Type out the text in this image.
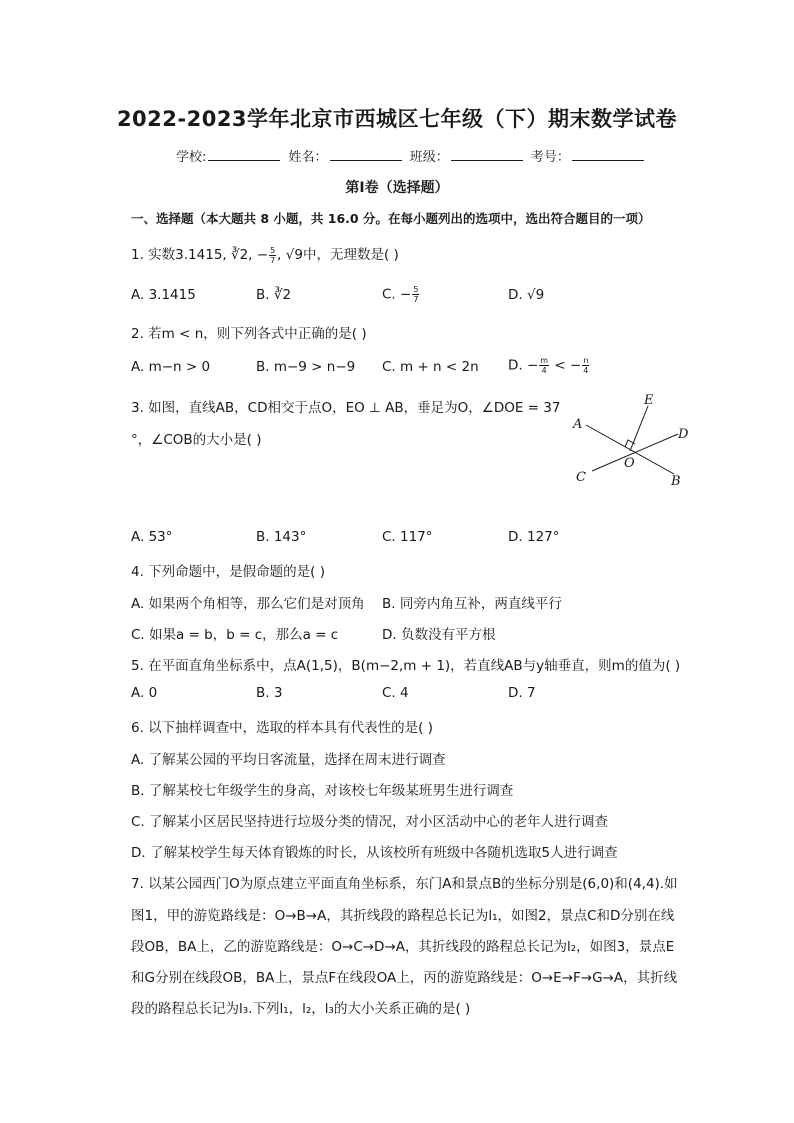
2022-2023学年北京市西城区七年级（下）期末数学试卷
学校:	姓名：	班级：	考号：
第Ⅰ卷（选择题）
一、选择题（本大题共 8 小题，共 16.0 分。在每小题列出的选项中，选出符合题目的一项）
1. 实数3.1415, ∛2, − $\frac{5}{7}$ , √9中，无理数是( )
A. 3.1415	B. ∛2	C. − $\frac{5}{7}$	D. √9
2. 若m < n，则下列各式中正确的是( )
A. m−n > 0	B. m−9 > n−9 C. m + n < 2n D. − $\frac{m}{4}$ < − $\frac{n}{4}$
3. 如图，直线AB，CD相交于点O，EO ⊥ AB，垂足为O，∠DOE = 37
°，∠COB的大小是( )
E
A
D
O
C	B
A. 53°	B. 143°	C. 117°	D. 127°
4. 下列命题中，是假命题的是( )
A. 如果两个角相等，那么它们是对顶角 B. 同旁内角互补，两直线平行
C. 如果a = b，b = c，那么a = c	D. 负数没有平方根
5. 在平面直角坐标系中，点A(1,5)，B(m−2,m + 1)，若直线AB与y轴垂直，则m的值为( )
A. 0	B. 3	C. 4	D. 7
6. 以下抽样调查中，选取的样本具有代表性的是( )
A. 了解某公园的平均日客流量，选择在周末进行调查
B. 了解某校七年级学生的身高，对该校七年级某班男生进行调查
C. 了解某小区居民坚持进行垃圾分类的情况，对小区活动中心的老年人进行调查
D. 了解某校学生每天体育锻炼的时长，从该校所有班级中各随机选取5人进行调查
7. 以某公园西门O为原点建立平面直角坐标系，东门A和景点B的坐标分别是(6,0)和(4,4).如
图1，甲的游览路线是：O→B→A，其折线段的路程总长记为l₁，如图2，景点C和D分别在线
段OB，BA上，乙的游览路线是：O→C→D→A，其折线段的路程总长记为l₂，如图3，景点E
和G分别在线段OB，BA上，景点F在线段OA上，丙的游览路线是：O→E→F→G→A，其折线
段的路程总长记为l₃.下列l₁，l₂，l₃的大小关系正确的是( )
